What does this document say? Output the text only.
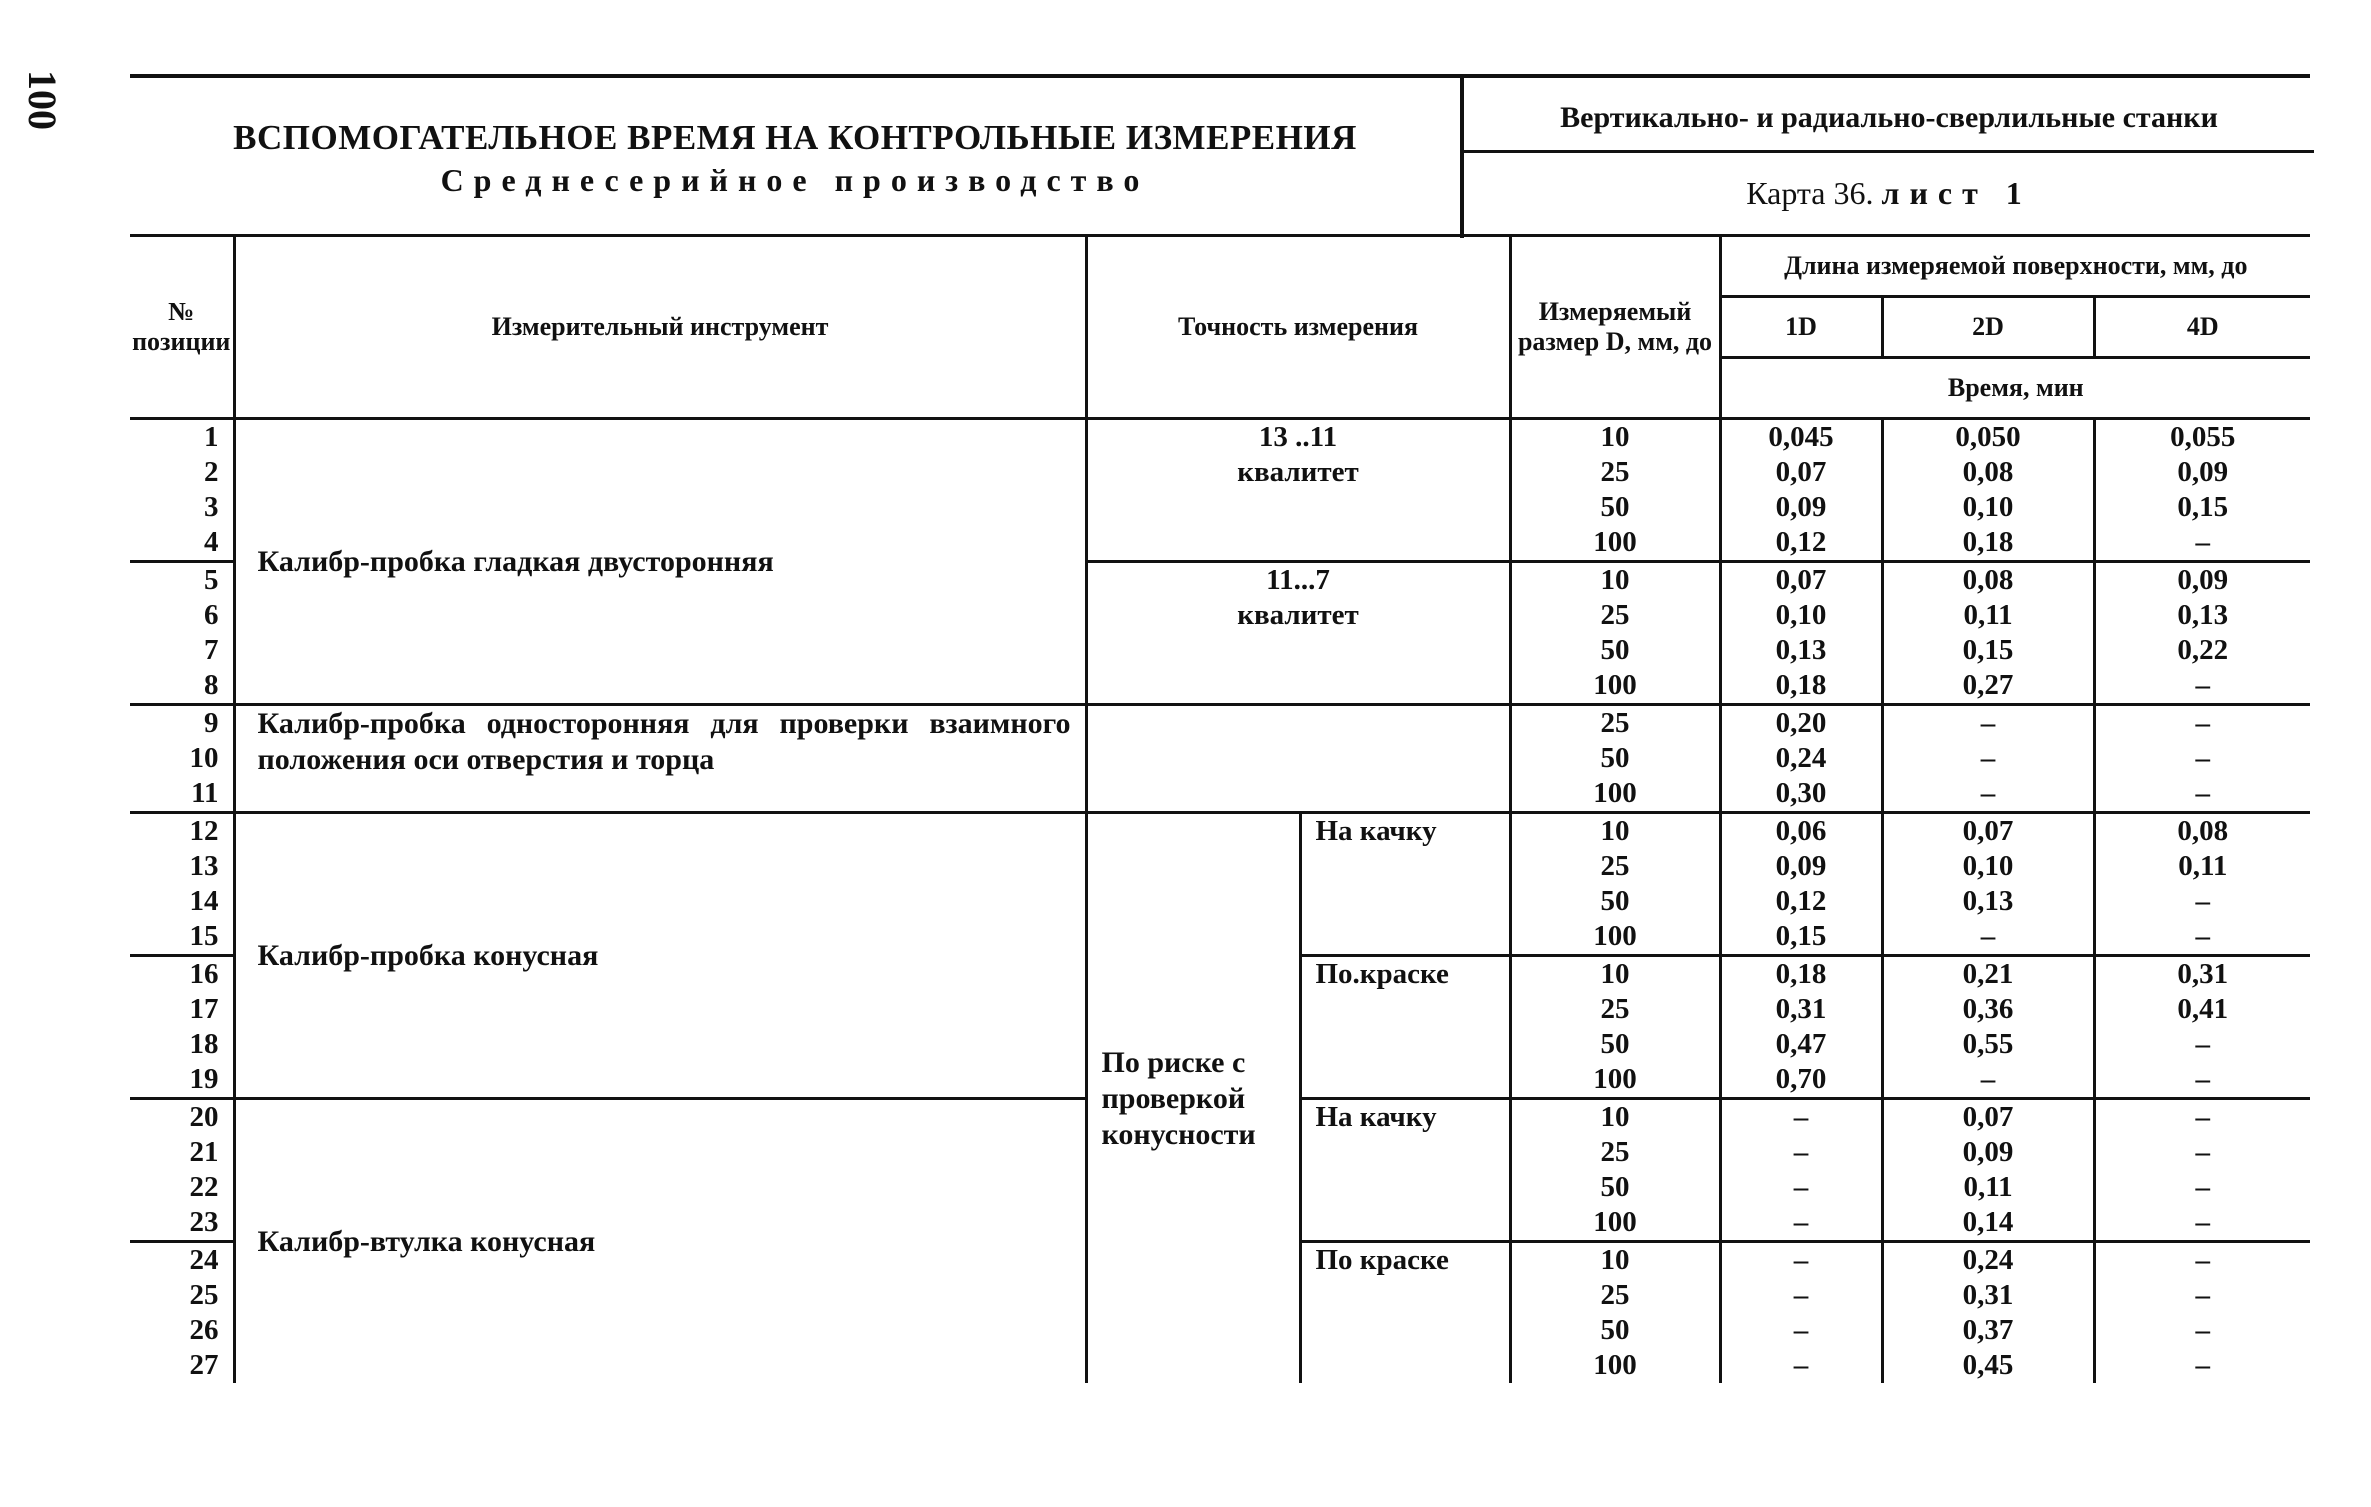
100
ВСПОМОГАТЕЛЬНОЕ ВРЕМЯ НА КОНТРОЛЬНЫЕ ИЗМЕРЕНИЯ
Среднесерийное производство
Вертикально- и радиально-сверлильные станки
Карта 36. лист 1
№ позиции	Измерительный инструмент	Точность измерения		Измеряемый размер D, мм, до	Длина измеряемой поверхности, мм, до		
					1D	2D	4D
					Время, мин		
1	Калибр-пробка гладкая двусторонняя	13 ..11 квалитет		10	0,045	0,050	0,055
2				25	0,07	0,08	0,09
3				50	0,09	0,10	0,15
4				100	0,12	0,18	–
5		11...7 квалитет		10	0,07	0,08	0,09
6				25	0,10	0,11	0,13
7				50	0,13	0,15	0,22
8				100	0,18	0,27	–
9	Калибр-пробка односторонняя для проверки взаимного положения оси отверстия и торца			25	0,20	–	–
10				50	0,24	–	–
11				100	0,30	–	–
12	Калибр-пробка конусная	По риске с проверкой конусности	На качку	10	0,06	0,07	0,08
13				25	0,09	0,10	0,11
14				50	0,12	0,13	–
15				100	0,15	–	–
16			По.краске	10	0,18	0,21	0,31
17				25	0,31	0,36	0,41
18				50	0,47	0,55	–
19				100	0,70	–	–
20	Калибр-втулка конусная		На качку	10	–	0,07	–
21				25	–	0,09	–
22				50	–	0,11	–
23				100	–	0,14	–
24			По краске	10	–	0,24	–
25				25	–	0,31	–
26				50	–	0,37	–
27				100	–	0,45	–
